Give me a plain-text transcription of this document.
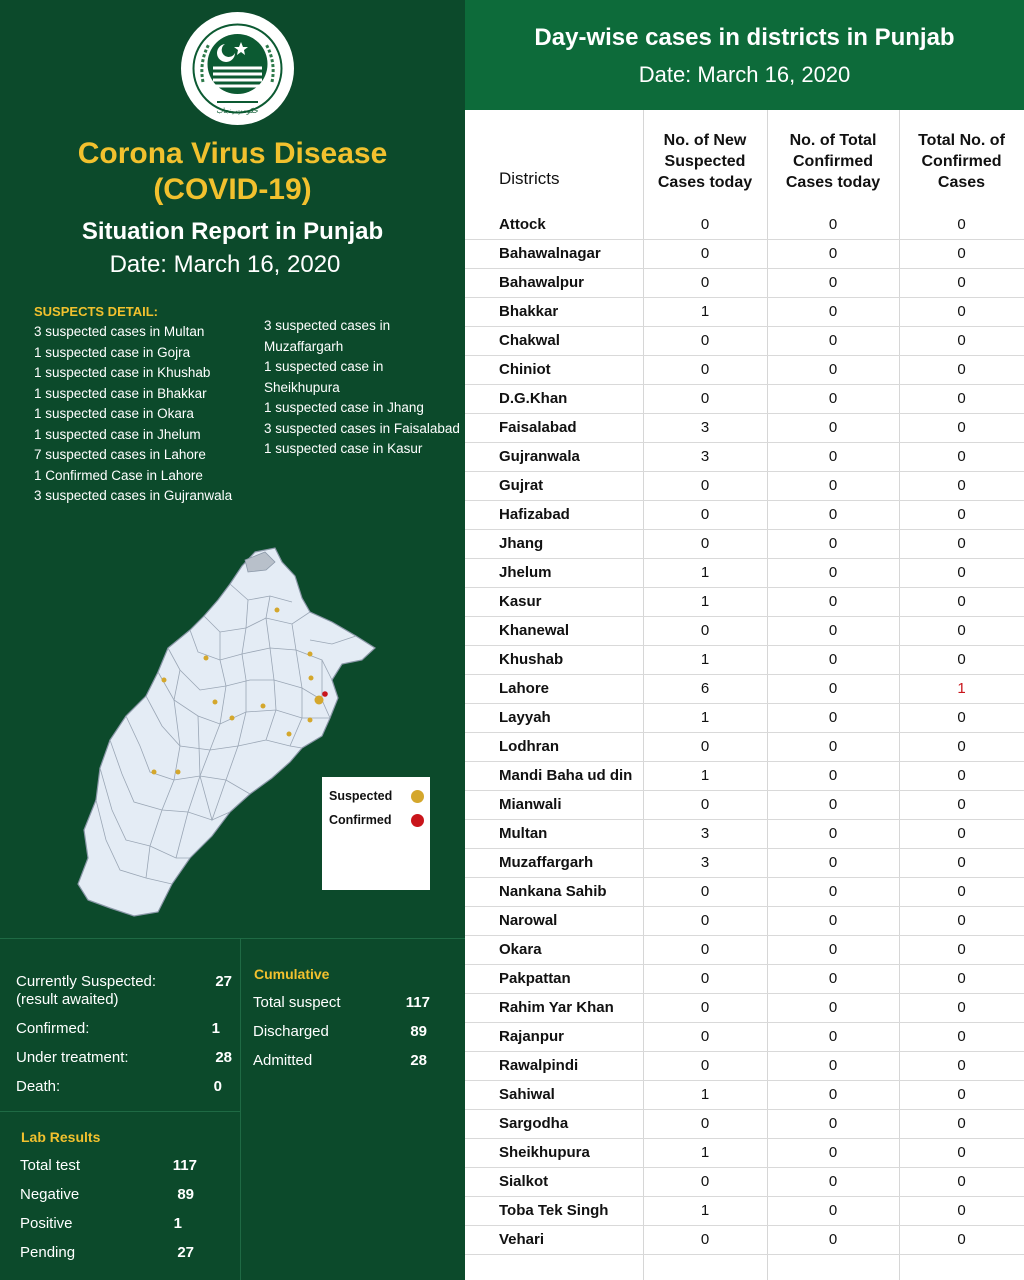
حکومتِ پنجاب
Corona Virus Disease
(COVID-19)
Situation Report in Punjab
Date: March 16, 2020
SUSPECTS DETAIL:
3 suspected cases in Multan
1 suspected case in Gojra
1 suspected case in Khushab
1 suspected case in Bhakkar
1 suspected case in Okara
1 suspected case in Jhelum
7 suspected cases in Lahore
1 Confirmed Case in Lahore
3 suspected cases in Gujranwala
3 suspected cases in
Muzaffargarh
1 suspected case in
Sheikhupura
1 suspected case in Jhang
3 suspected cases in Faisalabad
1 suspected case in Kasur
Suspected
Confirmed
Currently Suspected:
(result awaited)
27
Confirmed:	1
Under treatment:	28
Death:	0
Cumulative
Total suspect	117
Discharged	89
Admitted	28
Lab Results
Total test	117
Negative	89
Positive	1
Pending	27
Day-wise cases in districts in Punjab
Date: March 16, 2020
Districts
No. of New
Suspected
Cases today
No. of Total
Confirmed
Cases today
Total No. of
Confirmed
Cases
Attock	0	0	0
Bahawalnagar	0	0	0
Bahawalpur	0	0	0
Bhakkar	1	0	0
Chakwal	0	0	0
Chiniot	0	0	0
D.G.Khan	0	0	0
Faisalabad	3	0	0
Gujranwala	3	0	0
Gujrat	0	0	0
Hafizabad	0	0	0
Jhang	0	0	0
Jhelum	1	0	0
Kasur	1	0	0
Khanewal	0	0	0
Khushab	1	0	0
Lahore	6	0	1
Layyah	1	0	0
Lodhran	0	0	0
Mandi Baha ud din	1	0	0
Mianwali	0	0	0
Multan	3	0	0
Muzaffargarh	3	0	0
Nankana Sahib	0	0	0
Narowal	0	0	0
Okara	0	0	0
Pakpattan	0	0	0
Rahim Yar Khan	0	0	0
Rajanpur	0	0	0
Rawalpindi	0	0	0
Sahiwal	1	0	0
Sargodha	0	0	0
Sheikhupura	1	0	0
Sialkot	0	0	0
Toba Tek Singh	1	0	0
Vehari	0	0	0
